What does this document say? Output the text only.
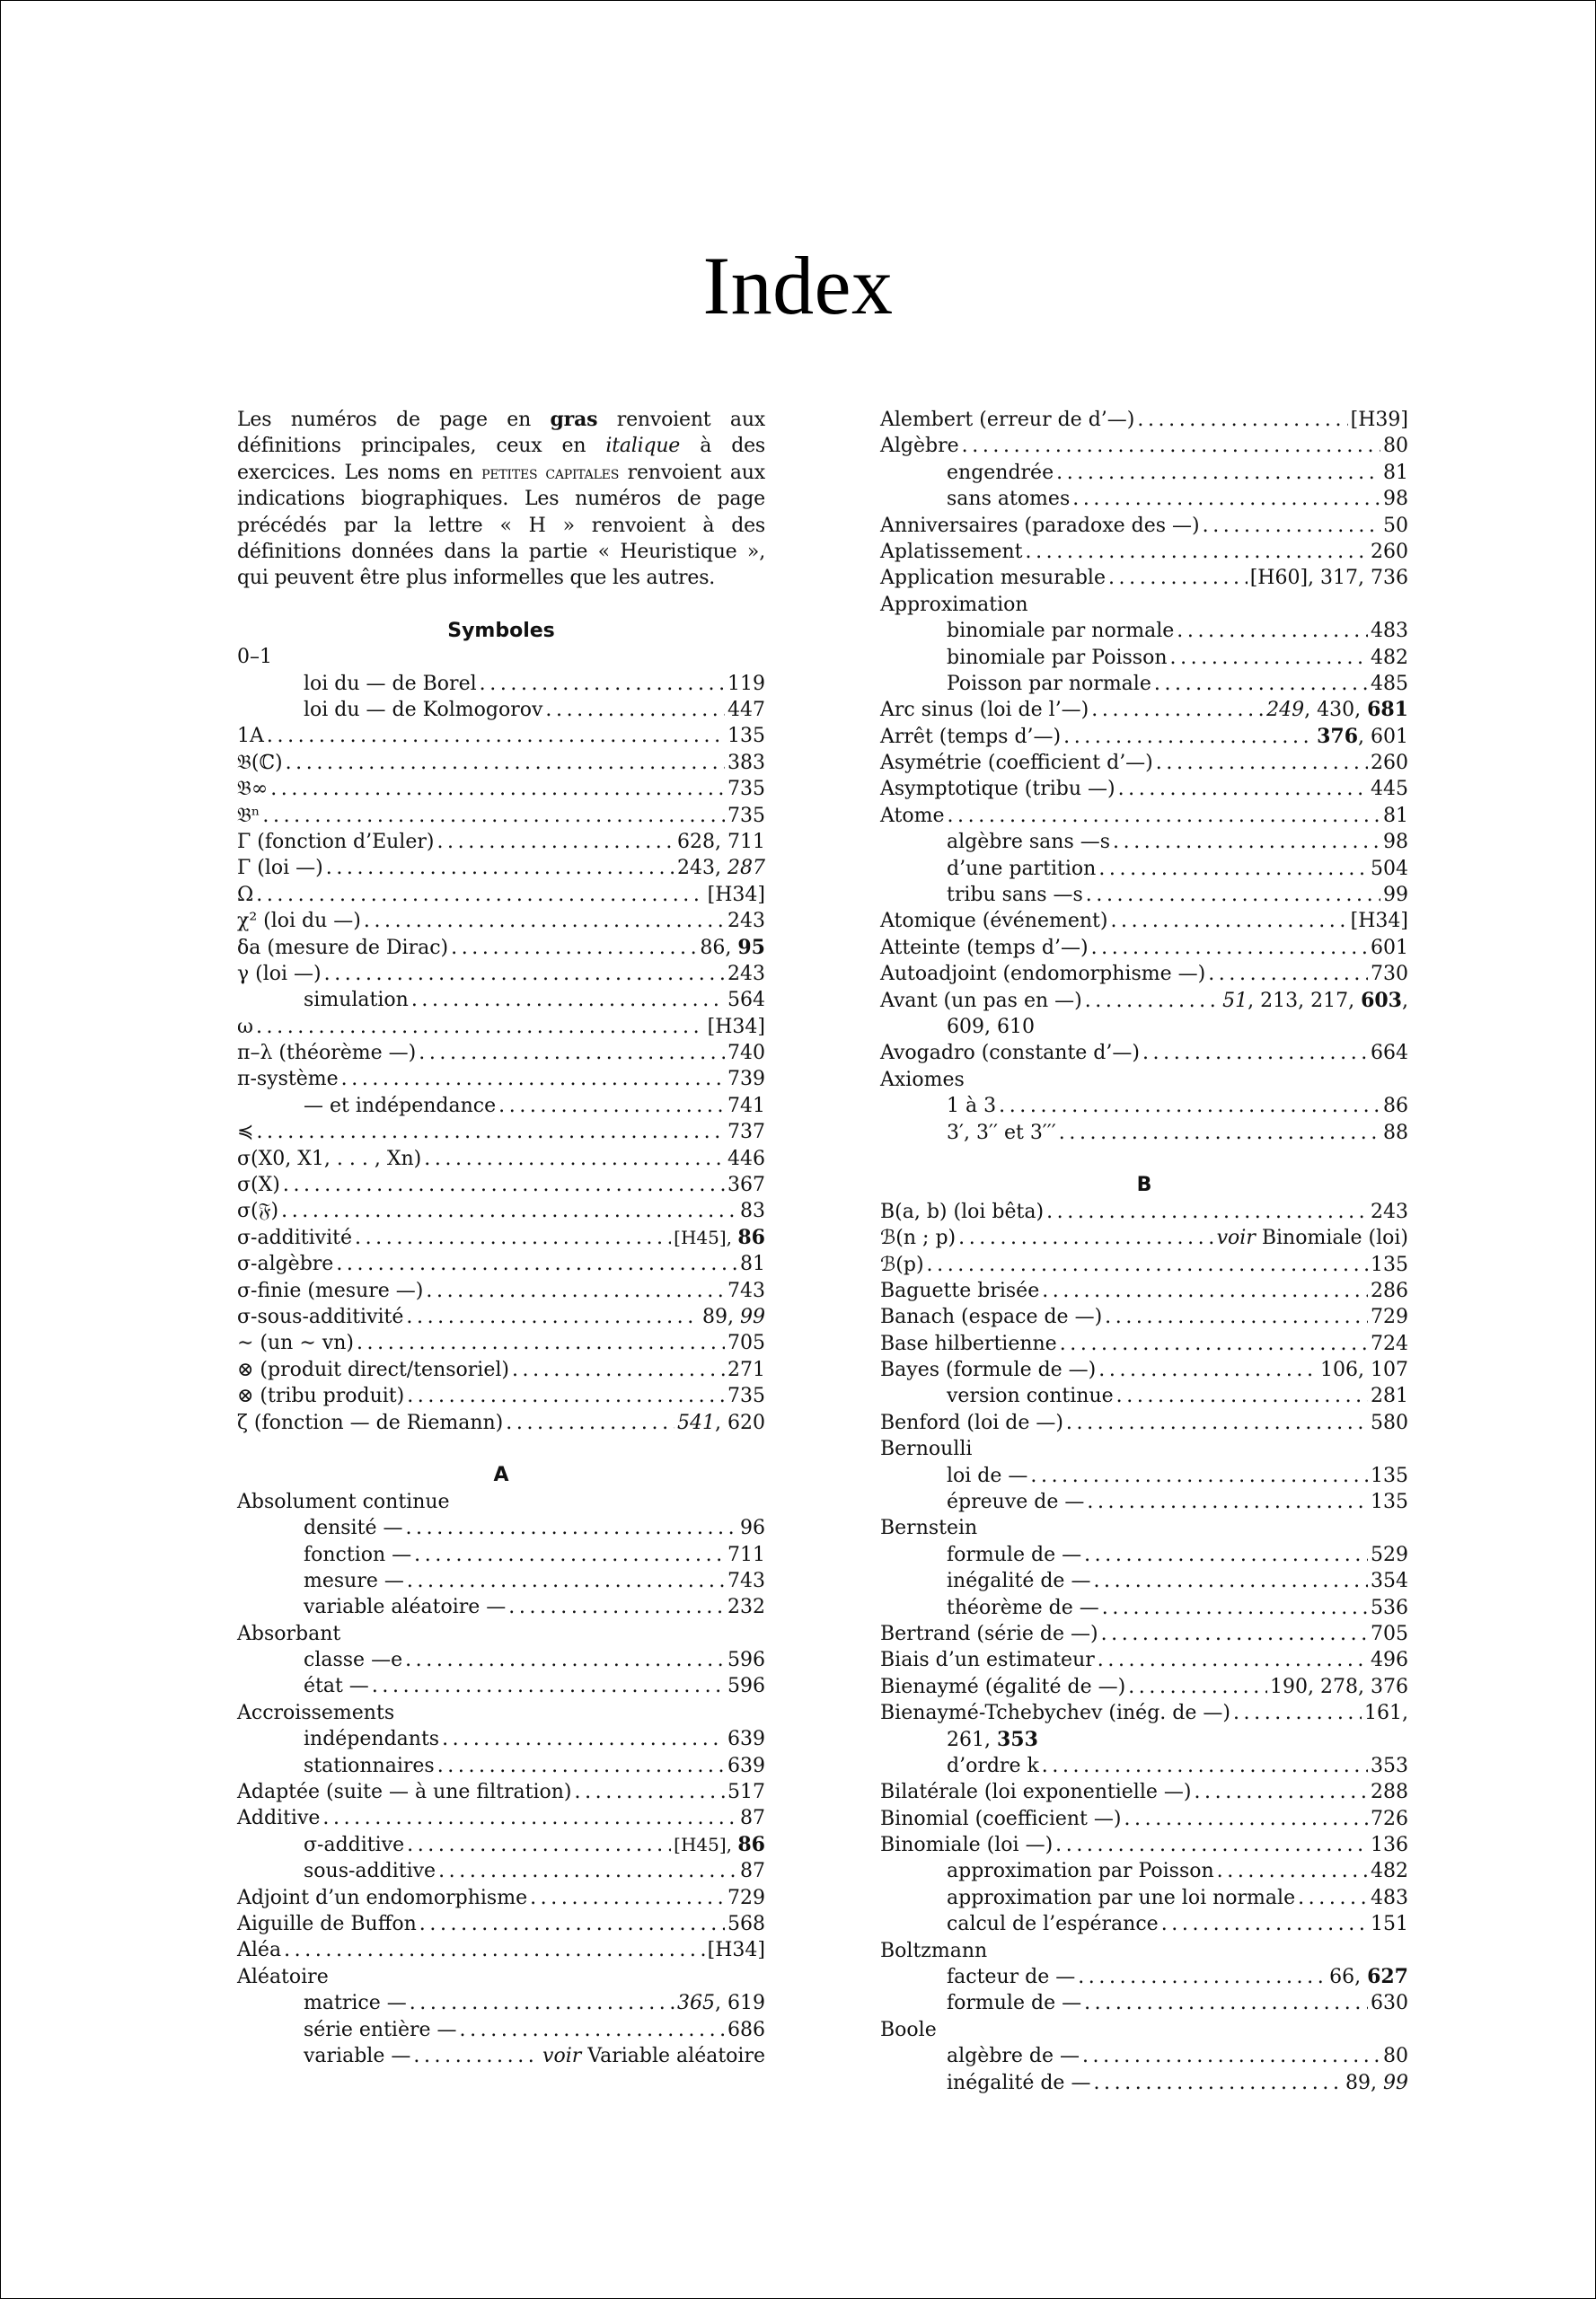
Index

Les numéros de page en gras renvoient aux définitions principales, ceux en italique à des exercices. Les noms en petites capitales renvoient aux indications biographiques. Les numéros de page précédés par la lettre « H » renvoient à des définitions données dans la partie « Heuristique », qui peuvent être plus informelles que les autres.

Symboles
0–1
loi du — de Borel . . .	119
loi du — de Kolmogorov . . .	447
1A . . .	135
𝔅(ℂ) . . .	383
𝔅∞ . . .	735
𝔅ⁿ . . .	735
Γ (fonction d’Euler) . . .	628, 711
Γ (loi —) . . .	243, 287
Ω . . .	[H34]
χ² (loi du —) . . .	243
δa (mesure de Dirac) . . .	86, 95
γ (loi —) . . .	243
simulation . . .	564
ω . . .	[H34]
π–λ (théorème —) . . .	740
π-système . . .	739
— et indépendance . . .	741
≼ . . .	737
σ(X0, X1, . . . , Xn) . . .	446
σ(X) . . .	367
σ(𝔉) . . .	83
σ-additivité . . .	[H45], 86
σ-algèbre . . .	81
σ-finie (mesure —) . . .	743
σ-sous-additivité . . .	89, 99
∼ (un ∼ vn) . . .	705
⊗ (produit direct/tensoriel) . . .	271
⊗ (tribu produit) . . .	735
ζ (fonction — de Riemann) . . .	541, 620
A
Absolument continue
densité — . . .	96
fonction — . . .	711
mesure — . . .	743
variable aléatoire — . . .	232
Absorbant
classe —e . . .	596
état — . . .	596
Accroissements
indépendants . . .	639
stationnaires . . .	639
Adaptée (suite — à une filtration) . . .	517
Additive . . .	87
σ-additive . . .	[H45], 86
sous-additive . . .	87
Adjoint d’un endomorphisme . . .	729
Aiguille de Buffon . . .	568
Aléa . . .	[H34]
Aléatoire
matrice — . . .	365, 619
série entière — . . .	686
variable — . . .	voir Variable aléatoire
Alembert (erreur de d’—) . . .	[H39]
Algèbre . . .	80
engendrée . . .	81
sans atomes . . .	98
Anniversaires (paradoxe des —) . . .	50
Aplatissement . . .	260
Application mesurable . . .	[H60], 317, 736
Approximation
binomiale par normale . . .	483
binomiale par Poisson . . .	482
Poisson par normale . . .	485
Arc sinus (loi de l’—) . . .	249, 430, 681
Arrêt (temps d’—) . . .	376, 601
Asymétrie (coefficient d’—) . . .	260
Asymptotique (tribu —) . . .	445
Atome . . .	81
algèbre sans —s . . .	98
d’une partition . . .	504
tribu sans —s . . .	99
Atomique (événement) . . .	[H34]
Atteinte (temps d’—) . . .	601
Autoadjoint (endomorphisme —) . . .	730
Avant (un pas en —) . . .	51, 213, 217, 603,
609, 610
Avogadro (constante d’—) . . .	664
Axiomes
1 à 3 . . .	86
3′, 3′′ et 3′′′ . . .	88
B
B(a, b) (loi bêta) . . .	243
ℬ(n ; p) . . .	voir Binomiale (loi)
ℬ(p) . . .	135
Baguette brisée . . .	286
Banach (espace de —) . . .	729
Base hilbertienne . . .	724
Bayes (formule de —) . . .	106, 107
version continue . . .	281
Benford (loi de —) . . .	580
Bernoulli
loi de — . . .	135
épreuve de — . . .	135
Bernstein
formule de — . . .	529
inégalité de — . . .	354
théorème de — . . .	536
Bertrand (série de —) . . .	705
Biais d’un estimateur . . .	496
Bienaymé (égalité de —) . . .	190, 278, 376
Bienaymé-Tchebychev (inég. de —) . . .	161,
261, 353
d’ordre k . . .	353
Bilatérale (loi exponentielle —) . . .	288
Binomial (coefficient —) . . .	726
Binomiale (loi —) . . .	136
approximation par Poisson . . .	482
approximation par une loi normale . . .	483
calcul de l’espérance . . .	151
Boltzmann
facteur de — . . .	66, 627
formule de — . . .	630
Boole
algèbre de — . . .	80
inégalité de — . . .	89, 99
